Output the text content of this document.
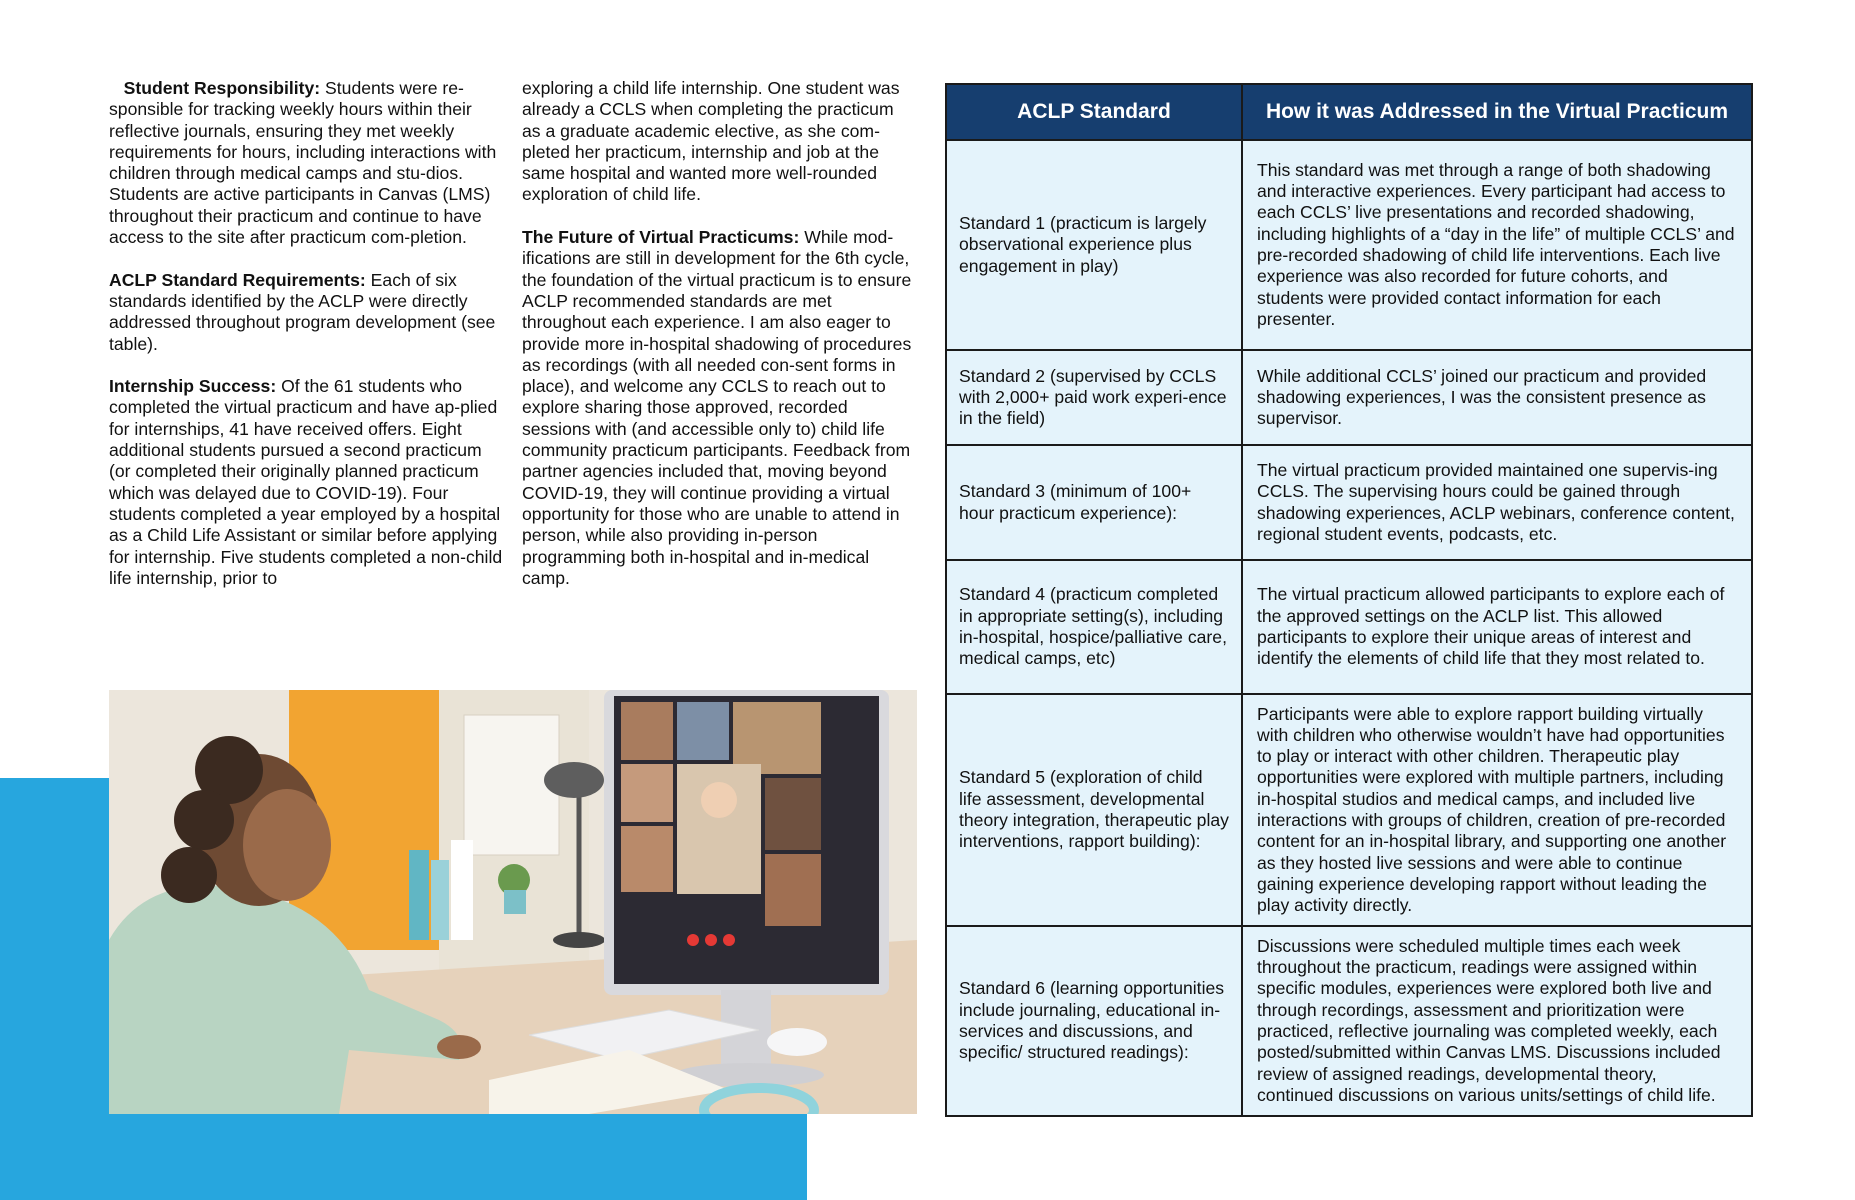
Student Responsibility: Students were re-sponsible for tracking weekly hours within their reflective journals, ensuring they met weekly requirements for hours, including interactions with children through medical camps and stu-dios. Students are active participants in Canvas (LMS) throughout their practicum and continue to have access to the site after practicum com-pletion.

ACLP Standard Requirements: Each of six standards identified by the ACLP were directly addressed throughout program development (see table).

Internship Success: Of the 61 students who completed the virtual practicum and have ap-plied for internships, 41 have received offers. Eight additional students pursued a second practicum (or completed their originally planned practicum which was delayed due to COVID-19). Four students completed a year employed by a hospital as a Child Life Assistant or similar before applying for internship. Five students completed a non-child life internship, prior to

exploring a child life internship. One student was already a CCLS when completing the practicum as a graduate academic elective, as she com-pleted her practicum, internship and job at the same hospital and wanted more well-rounded exploration of child life.

The Future of Virtual Practicums: While mod-ifications are still in development for the 6th cycle, the foundation of the virtual practicum is to ensure ACLP recommended standards are met throughout each experience. I am also eager to provide more in-hospital shadowing of procedures as recordings (with all needed con-sent forms in place), and welcome any CCLS to reach out to explore sharing those approved, recorded sessions with (and accessible only to) child life community practicum participants. Feedback from partner agencies included that, moving beyond COVID-19, they will continue providing a virtual opportunity for those who are unable to attend in person, while also providing in-person programming both in-hospital and in-medical camp.

ACLP Standard	How it was Addressed in the Virtual Practicum
Standard 1 (practicum is largely observational experience plus engagement in play)	This standard was met through a range of both shadowing and interactive experiences. Every participant had access to each CCLS’ live presentations and recorded shadowing, including highlights of a “day in the life” of multiple CCLS’ and pre-recorded shadowing of child life interventions. Each live experience was also recorded for future cohorts, and students were provided contact information for each presenter.
Standard 2 (supervised by CCLS with 2,000+ paid work experi-ence in the field)	While additional CCLS’ joined our practicum and provided shadowing experiences, I was the consistent presence as supervisor.
Standard 3 (minimum of 100+ hour practicum experience):	The virtual practicum provided maintained one supervis-ing CCLS. The supervising hours could be gained through shadowing experiences, ACLP webinars, conference content, regional student events, podcasts, etc.
Standard 4 (practicum completed in appropriate setting(s), including in-hospital, hospice/palliative care, medical camps, etc)	The virtual practicum allowed participants to explore each of the approved settings on the ACLP list. This allowed participants to explore their unique areas of interest and identify the elements of child life that they most related to.
Standard 5 (exploration of child life assessment, developmental theory integration, therapeutic play interventions, rapport building):	Participants were able to explore rapport building virtually with children who otherwise wouldn’t have had opportunities to play or interact with other children. Therapeutic play opportunities were explored with multiple partners, including in-hospital studios and medical camps, and included live interactions with groups of children, creation of pre-recorded content for an in-hospital library, and supporting one another as they hosted live sessions and were able to continue gaining experience developing rapport without leading the play activity directly.
Standard 6 (learning opportunities include journaling, educational in-services and discussions, and specific/ structured readings):	Discussions were scheduled multiple times each week throughout the practicum, readings were assigned within specific modules, experiences were explored both live and through recordings, assessment and prioritization were practiced, reflective journaling was completed weekly, each posted/submitted within Canvas LMS. Discussions included review of assigned readings, developmental theory, continued discussions on various units/settings of child life.
